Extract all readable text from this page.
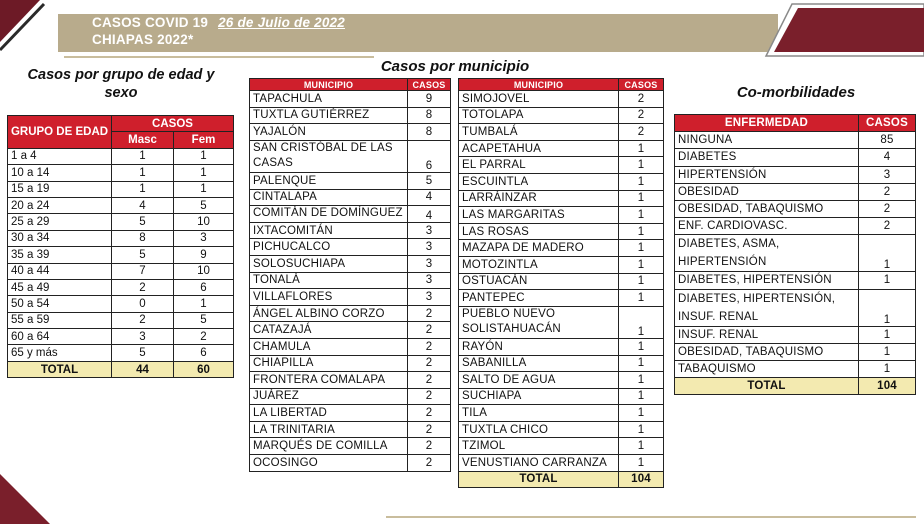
CASOS COVID 19 26 de Julio de 2022
CHIAPAS 2022*
Casos por grupo de edad y sexo
Casos por municipio
Co-morbilidades
GRUPO DE EDAD	CASOS	
	Masc	Fem
1 a 4	1	1
10 a 14	1	1
15 a 19	1	1
20 a 24	4	5
25 a 29	5	10
30 a 34	8	3
35 a 39	5	9
40 a 44	7	10
45 a 49	2	6
50 a 54	0	1
55 a 59	2	5
60 a 64	3	2
65 y más	5	6
TOTAL	44	60
MUNICIPIO	CASOS
TAPACHULA	9
TUXTLA GUTIÉRREZ	8
YAJALÓN	8
SAN CRISTÓBAL DE LAS CASAS	6
PALENQUE	5
CINTALAPA	4
COMITÁN DE DOMÍNGUEZ	4
IXTACOMITÁN	3
PICHUCALCO	3
SOLOSUCHIAPA	3
TONALÁ	3
VILLAFLORES	3
ÁNGEL ALBINO CORZO	2
CATAZAJÁ	2
CHAMULA	2
CHIAPILLA	2
FRONTERA COMALAPA	2
JUÁREZ	2
LA LIBERTAD	2
LA TRINITARIA	2
MARQUÉS DE COMILLA	2
OCOSINGO	2
MUNICIPIO	CASOS
SIMOJOVEL	2
TOTOLAPA	2
TUMBALÁ	2
ACAPETAHUA	1
EL PARRAL	1
ESCUINTLA	1
LARRÁINZAR	1
LAS MARGARITAS	1
LAS ROSAS	1
MAZAPA DE MADERO	1
MOTOZINTLA	1
OSTUACÁN	1
PANTEPEC	1
PUEBLO NUEVO SOLISTAHUACÁN	1
RAYÓN	1
SABANILLA	1
SALTO DE AGUA	1
SUCHIAPA	1
TILA	1
TUXTLA CHICO	1
TZIMOL	1
VENUSTIANO CARRANZA	1
TOTAL	104
ENFERMEDAD	CASOS
NINGUNA	85
DIABETES	4
HIPERTENSIÓN	3
OBESIDAD	2
OBESIDAD, TABAQUISMO	2
ENF. CARDIOVASC.	2
DIABETES, ASMA, HIPERTENSIÓN	1
DIABETES, HIPERTENSIÓN	1
DIABETES, HIPERTENSIÓN, INSUF. RENAL	1
INSUF. RENAL	1
OBESIDAD, TABAQUISMO	1
TABAQUISMO	1
TOTAL	104
